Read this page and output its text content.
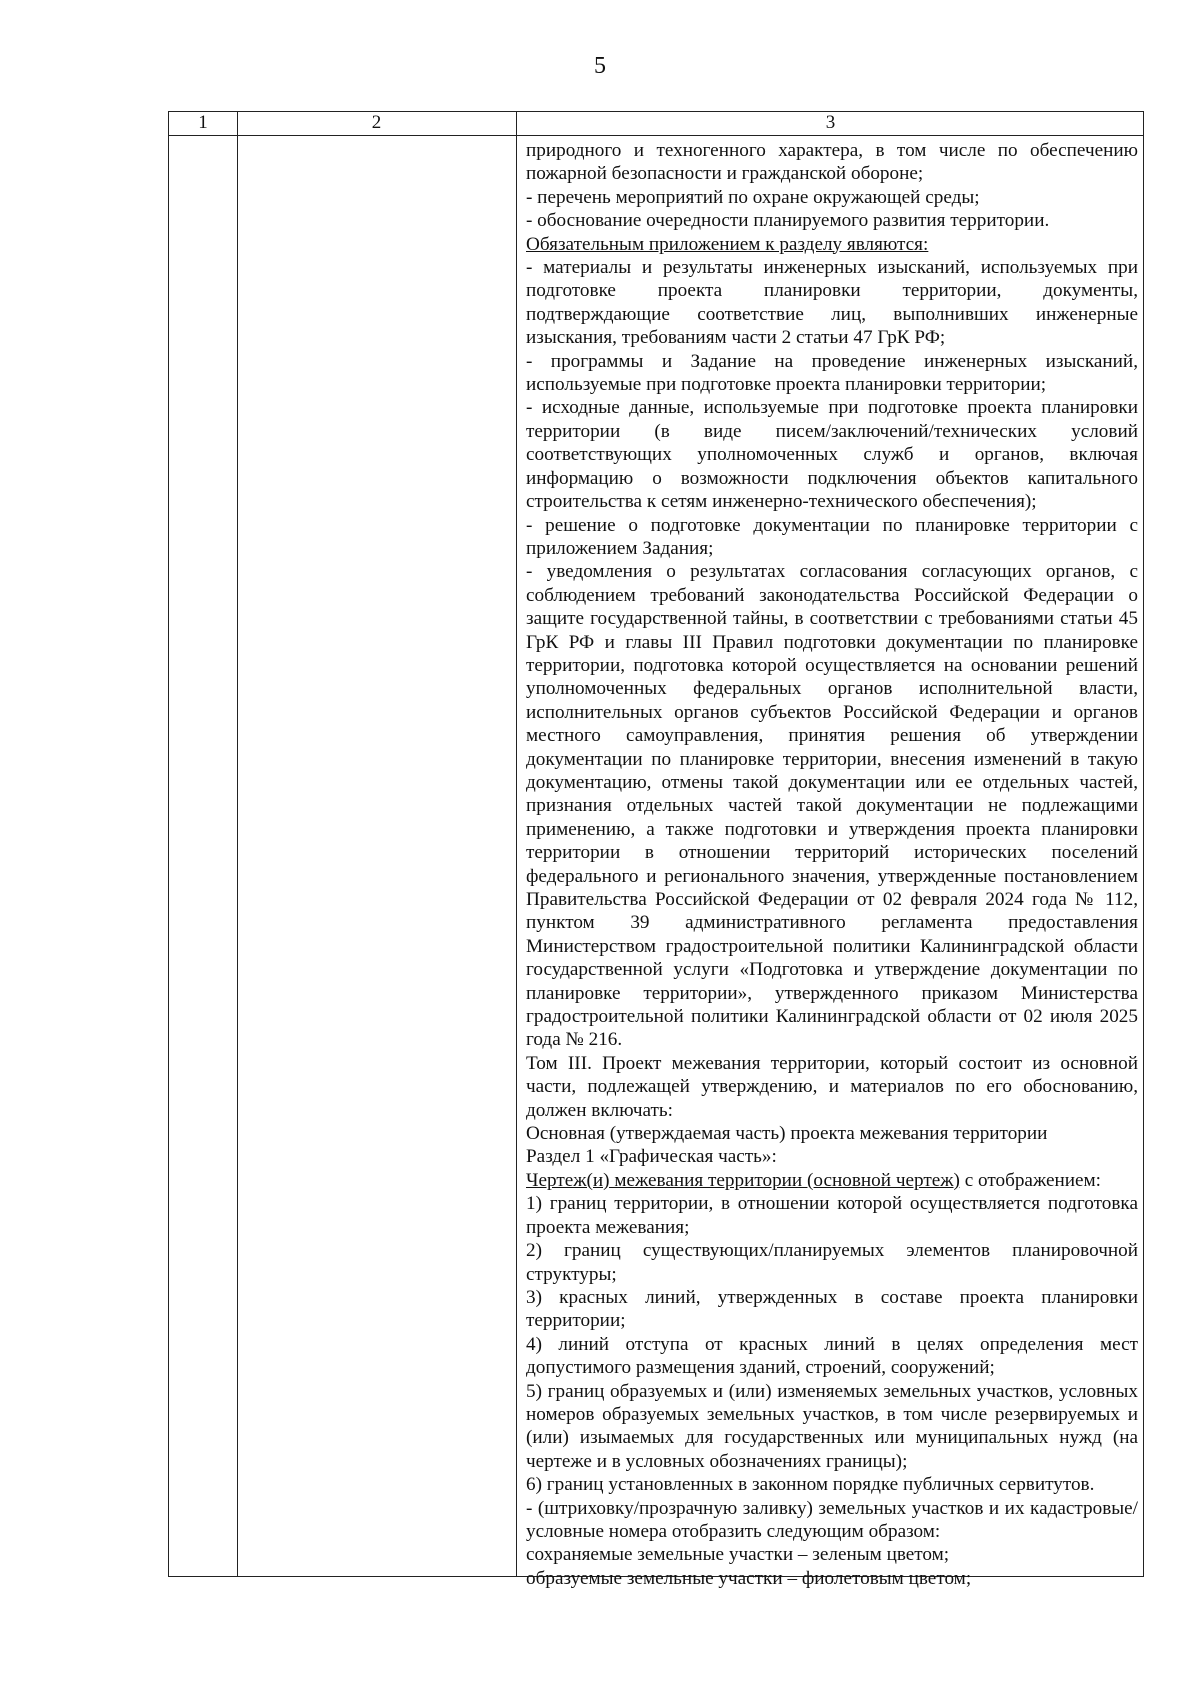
5
1	2	3

природного и техногенного характера, в том числе по обеспечению пожарной безопасности и гражданской обороне;

- перечень мероприятий по охране окружающей среды;

- обоснование очередности планируемого развития территории.

Обязательным приложением к разделу являются:

- материалы и результаты инженерных изысканий, используемых при подготовке проекта планировки территории, документы, подтверждающие соответствие лиц, выполнивших инженерные изыскания, требованиям части 2 статьи 47 ГрК РФ;

- программы и Задание на проведение инженерных изысканий, используемые при подготовке проекта планировки территории;

- исходные данные, используемые при подготовке проекта планировки территории (в виде писем/заключений/технических условий соответствующих уполномоченных служб и органов, включая информацию о возможности подключения объектов капитального строительства к сетям инженерно-технического обеспечения);

- решение о подготовке документации по планировке территории с приложением Задания;

- уведомления о результатах согласования согласующих органов, с соблюдением требований законодательства Российской Федерации о защите государственной тайны, в соответствии с требованиями статьи 45 ГрК РФ и главы III Правил подготовки документации по планировке территории, подготовка которой осуществляется на основании решений уполномоченных федеральных органов исполнительной власти, исполнительных органов субъектов Российской Федерации и органов местного самоуправления, принятия решения об утверждении документации по планировке территории, внесения изменений в такую документацию, отмены такой документации или ее отдельных частей, признания отдельных частей такой документации не подлежащими применению, а также подготовки и утверждения проекта планировки территории в отношении территорий исторических поселений федерального и регионального значения, утвержденные постановлением Правительства Российской Федерации от 02 февраля 2024 года № 112, пунктом 39 административного регламента предоставления Министерством градостроительной политики Калининградской области государственной услуги «Подготовка и утверждение документации по планировке территории», утвержденного приказом Министерства градостроительной политики Калининградской области от 02 июля 2025 года № 216.

Том III. Проект межевания территории, который состоит из основной части, подлежащей утверждению, и материалов по его обоснованию, должен включать:

Основная (утверждаемая часть) проекта межевания территории

Раздел 1 «Графическая часть»:

Чертеж(и) межевания территории (основной чертеж) с отображением:

1) границ территории, в отношении которой осуществляется подготовка проекта межевания;

2) границ существующих/планируемых элементов планировочной структуры;

3) красных линий, утвержденных в составе проекта планировки территории;

4) линий отступа от красных линий в целях определения мест допустимого размещения зданий, строений, сооружений;

5) границ образуемых и (или) изменяемых земельных участков, условных номеров образуемых земельных участков, в том числе резервируемых и (или) изымаемых для государственных или муниципальных нужд (на чертеже и в условных обозначениях границы);

6) границ установленных в законном порядке публичных сервитутов.

- (штриховку/прозрачную заливку) земельных участков и их кадастровые/условные номера отобразить следующим образом:

сохраняемые земельные участки – зеленым цветом;

образуемые земельные участки – фиолетовым цветом;
